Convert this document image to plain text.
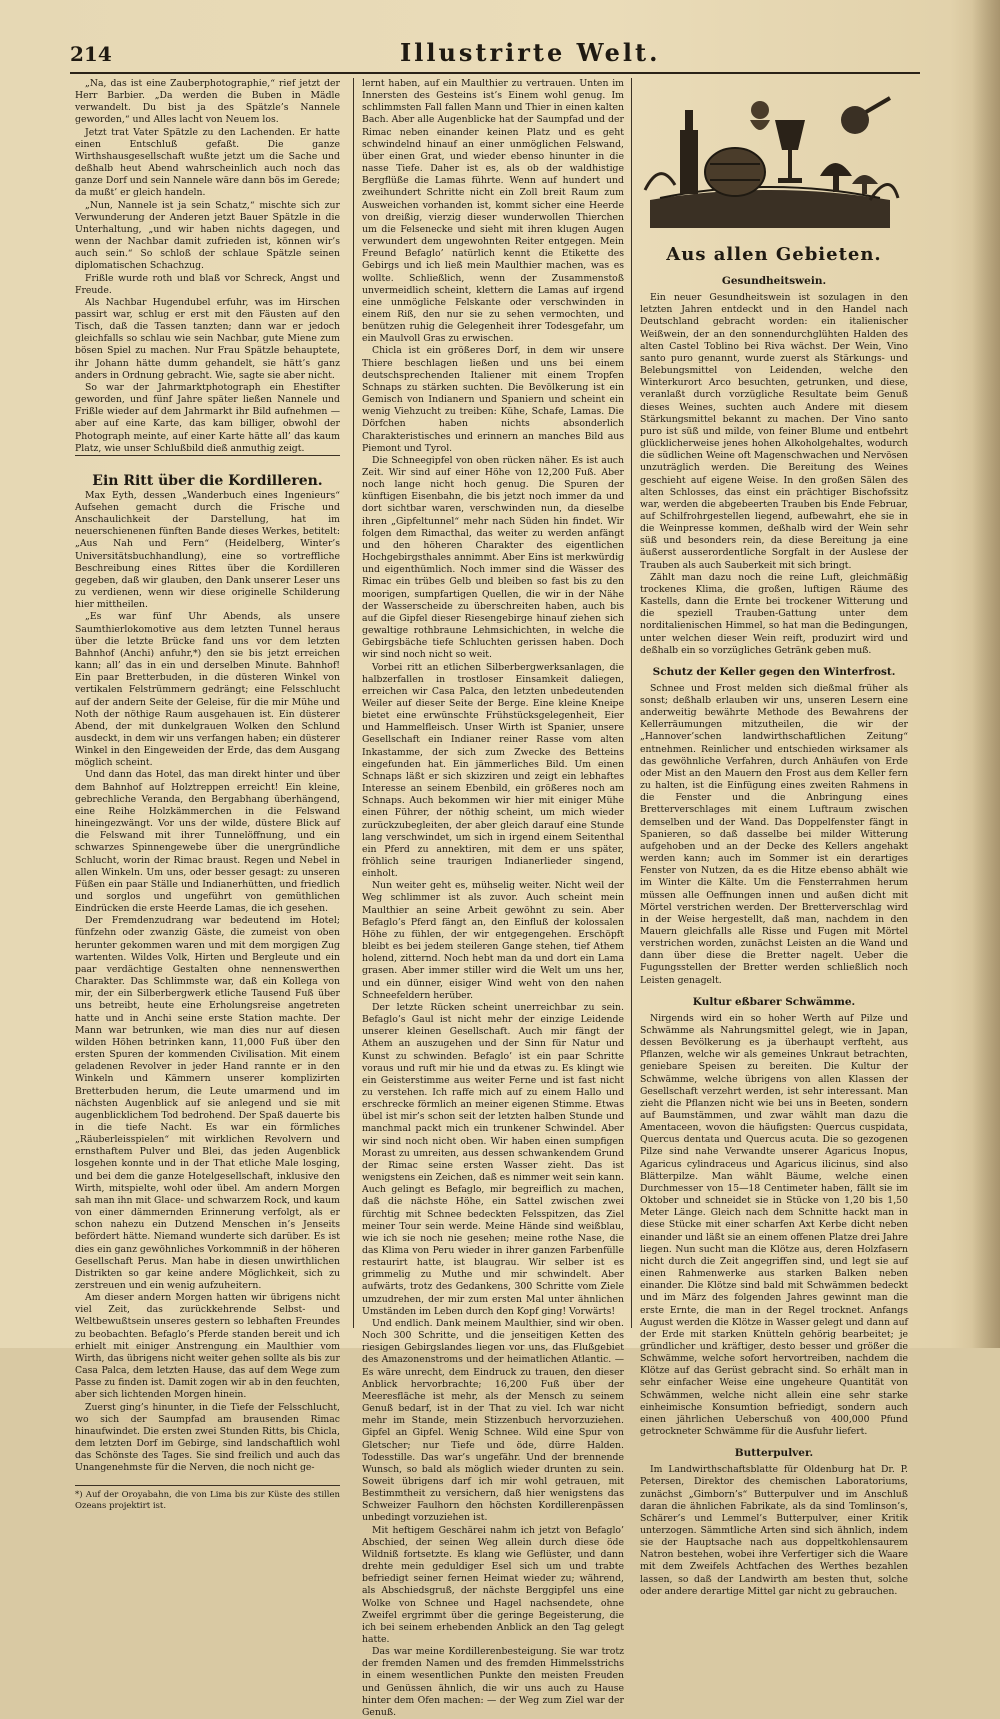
214	Illustrirte Welt.

„Na, das ist eine Zauberphotographie,“ rief jetzt der Herr Barbier. „Da werden die Buben in Mädle verwandelt. Du bist ja des Spätzle’s Nannele geworden,“ und Alles lacht von Neuem los.

Jetzt trat Vater Spätzle zu den Lachenden. Er hatte einen Entschluß gefaßt. Die ganze Wirthshausgesellschaft wußte jetzt um die Sache und deßhalb heut Abend wahrscheinlich auch noch das ganze Dorf und sein Nannele wäre dann bös im Gerede; da mußt’ er gleich handeln.

„Nun, Nannele ist ja sein Schatz,“ mischte sich zur Verwunderung der Anderen jetzt Bauer Spätzle in die Unterhaltung, „und wir haben nichts dagegen, und wenn der Nachbar damit zufrieden ist, können wir’s auch sein.“ So schloß der schlaue Spätzle seinen diplomatischen Schachzug.

Frißle wurde roth und blaß vor Schreck, Angst und Freude.

Als Nachbar Hugendubel erfuhr, was im Hirschen passirt war, schlug er erst mit den Fäusten auf den Tisch, daß die Tassen tanzten; dann war er jedoch gleichfalls so schlau wie sein Nachbar, gute Miene zum bösen Spiel zu machen. Nur Frau Spätzle behauptete, ihr Johann hätte dumm gehandelt, sie hätt’s ganz anders in Ordnung gebracht. Wie, sagte sie aber nicht.

So war der Jahrmarktphotograph ein Ehestifter geworden, und fünf Jahre später ließen Nannele und Frißle wieder auf dem Jahrmarkt ihr Bild aufnehmen — aber auf eine Karte, das kam billiger, obwohl der Photograph meinte, auf einer Karte hätte all’ das kaum Platz, wie unser Schlußbild dieß anmuthig zeigt.

Ein Ritt über die Kordilleren.

Max Eyth, dessen „Wanderbuch eines Ingenieurs“ Aufsehen gemacht durch die Frische und Anschaulichkeit der Darstellung, hat im neuerschienenen fünften Bande dieses Werkes, betitelt: „Aus Nah und Fern“ (Heidelberg, Winter’s Universitätsbuchhandlung), eine so vortreffliche Beschreibung eines Rittes über die Kordilleren gegeben, daß wir glauben, den Dank unserer Leser uns zu verdienen, wenn wir diese originelle Schilderung hier mittheilen.

„Es war fünf Uhr Abends, als unsere Saumthierlokomotive aus dem letzten Tunnel heraus über die letzte Brücke fand uns vor dem letzten Bahnhof (Anchi) anfuhr,*) den sie bis jetzt erreichen kann; all’ das in ein und derselben Minute. Bahnhof! Ein paar Bretterbuden, in die düsteren Winkel von vertikalen Felstrümmern gedrängt; eine Felsschlucht auf der andern Seite der Geleise, für die mir Mühe und Noth der nöthige Raum ausgehauen ist. Ein düsterer Abend, der mit dunkelgrauen Wolken den Schlund ausdeckt, in dem wir uns verfangen haben; ein düsterer Winkel in den Eingeweiden der Erde, das dem Ausgang möglich scheint.

Und dann das Hotel, das man direkt hinter und über dem Bahnhof auf Holztreppen erreicht! Ein kleine, gebrechliche Veranda, den Bergabhang überhängend, eine Reihe Holzkämmerchen in die Felswand hineingezwängt. Vor uns der wilde, düstere Blick auf die Felswand mit ihrer Tunnelöffnung, und ein schwarzes Spinnengewebe über die unergründliche Schlucht, worin der Rimac braust. Regen und Nebel in allen Winkeln. Um uns, oder besser gesagt: zu unseren Füßen ein paar Ställe und Indianerhütten, und friedlich und sorglos und ungeführt von gemüthlichen Eindrücken die erste Heerde Lamas, die ich gesehen.

Der Fremdenzudrang war bedeutend im Hotel; fünfzehn oder zwanzig Gäste, die zumeist von oben herunter gekommen waren und mit dem morgigen Zug wartenten. Wildes Volk, Hirten und Bergleute und ein paar verdächtige Gestalten ohne nennenswerthen Charakter. Das Schlimmste war, daß ein Kollega von mir, der ein Silberbergwerk etliche Tausend Fuß über uns betreibt, heute eine Erholungsreise angetreten hatte und in Anchi seine erste Station machte. Der Mann war betrunken, wie man dies nur auf diesen wilden Höhen betrinken kann, 11,000 Fuß über den ersten Spuren der kommenden Civilisation. Mit einem geladenen Revolver in jeder Hand rannte er in den Winkeln und Kämmern unserer komplizirten Bretterbuden herum, die Leute umarmend und im nächsten Augenblick auf sie anlegend und sie mit augenblicklichem Tod bedrohend. Der Spaß dauerte bis in die tiefe Nacht. Es war ein förmliches „Räuberleisspielen“ mit wirklichen Revolvern und ernsthaftem Pulver und Blei, das jeden Augenblick losgehen konnte und in der That etliche Male losging, und bei dem die ganze Hotelgesellschaft, inklusive den Wirth, mitspielte, wohl oder übel. Am andern Morgen sah man ihn mit Glace- und schwarzem Rock, und kaum von einer dämmernden Erinnerung verfolgt, als er schon nahezu ein Dutzend Menschen in’s Jenseits befördert hätte. Niemand wunderte sich darüber. Es ist dies ein ganz gewöhnliches Vorkommniß in der höheren Gesellschaft Perus. Man habe in diesen unwirthlichen Distrikten so gar keine andere Möglichkeit, sich zu zerstreuen und ein wenig aufzuheitern.

Am dieser andern Morgen hatten wir übrigens nicht viel Zeit, das zurückkehrende Selbst- und Weltbewußtsein unseres gestern so lebhaften Freundes zu beobachten. Befaglo’s Pferde standen bereit und ich erhielt mit einiger Anstrengung ein Maulthier vom Wirth, das übrigens nicht weiter gehen sollte als bis zur Casa Palca, dem letzten Hause, das auf dem Wege zum Passe zu finden ist. Damit zogen wir ab in den feuchten, aber sich lichtenden Morgen hinein.

Zuerst ging’s hinunter, in die Tiefe der Felsschlucht, wo sich der Saumpfad am brausenden Rimac hinaufwindet. Die ersten zwei Stunden Ritts, bis Chicla, dem letzten Dorf im Gebirge, sind landschaftlich wohl das Schönste des Tages. Sie sind freilich und auch das Unangenehmste für die Nerven, die noch nicht ge-

*) Auf der Oroyabahn, die von Lima bis zur Küste des stillen Ozeans projektirt ist.

lernt haben, auf ein Maulthier zu vertrauen. Unten im Innersten des Gesteins ist’s Einem wohl genug. Im schlimmsten Fall fallen Mann und Thier in einen kalten Bach. Aber alle Augenblicke hat der Saumpfad und der Rimac neben einander keinen Platz und es geht schwindelnd hinauf an einer unmöglichen Felswand, über einen Grat, und wieder ebenso hinunter in die nasse Tiefe. Daher ist es, als ob der waldhistige Bergflüße die Lamas führte. Wenn auf hundert und zweihundert Schritte nicht ein Zoll breit Raum zum Ausweichen vorhanden ist, kommt sicher eine Heerde von dreißig, vierzig dieser wunderwollen Thierchen um die Felsenecke und sieht mit ihren klugen Augen verwundert dem ungewohnten Reiter entgegen. Mein Freund Befaglo’ natürlich kennt die Etikette des Gebirgs und ich ließ mein Maulthier machen, was es wollte. Schließlich, wenn der Zusammenstoß unvermeidlich scheint, klettern die Lamas auf irgend eine unmögliche Felskante oder verschwinden in einem Riß, den nur sie zu sehen vermochten, und benützen ruhig die Gelegenheit ihrer Todesgefahr, um ein Maulvoll Gras zu erwischen.

Chicla ist ein größeres Dorf, in dem wir unsere Thiere beschlagen ließen und uns bei einem deutschsprechenden Italiener mit einem Tropfen Schnaps zu stärken suchten. Die Bevölkerung ist ein Gemisch von Indianern und Spaniern und scheint ein wenig Viehzucht zu treiben: Kühe, Schafe, Lamas. Die Dörfchen haben nichts absonderlich Charakteristisches und erinnern an manches Bild aus Piemont und Tyrol.

Die Schneegipfel von oben rücken näher. Es ist auch Zeit. Wir sind auf einer Höhe von 12,200 Fuß. Aber noch lange nicht hoch genug. Die Spuren der künftigen Eisenbahn, die bis jetzt noch immer da und dort sichtbar waren, verschwinden nun, da dieselbe ihren „Gipfeltunnel“ mehr nach Süden hin findet. Wir folgen dem Rimacthal, das weiter zu werden anfängt und den höheren Charakter des eigentlichen Hochgebirgsthales annimmt. Aber Eins ist merkwürdig und eigenthümlich. Noch immer sind die Wässer des Rimac ein trübes Gelb und bleiben so fast bis zu den moorigen, sumpfartigen Quellen, die wir in der Nähe der Wasserscheide zu überschreiten haben, auch bis auf die Gipfel dieser Riesengebirge hinauf ziehen sich gewaltige rothbraune Lehmsichichten, in welche die Gebirgsbäche tiefe Schluchten gerissen haben. Doch wir sind noch nicht so weit.

Vorbei ritt an etlichen Silberbergwerksanlagen, die halbzerfallen in trostloser Einsamkeit daliegen, erreichen wir Casa Palca, den letzten unbedeutenden Weiler auf dieser Seite der Berge. Eine kleine Kneipe bietet eine erwünschte Frühstücksgelegenheit, Eier und Hammelfleisch. Unser Wirth ist Spanier, unsere Gesellschaft ein Indianer reiner Rasse vom alten Inkastamme, der sich zum Zwecke des Betteins eingefunden hat. Ein jämmerliches Bild. Um einen Schnaps läßt er sich skizziren und zeigt ein lebhaftes Interesse an seinem Ebenbild, ein größeres noch am Schnaps. Auch bekommen wir hier mit einiger Mühe einen Führer, der nöthig scheint, um mich wieder zurückzubegleiten, der aber gleich darauf eine Stunde lang verschwindet, um sich in irgend einem Seitenthal ein Pferd zu annektiren, mit dem er uns später, fröhlich seine traurigen Indianerlieder singend, einholt.

Nun weiter geht es, mühselig weiter. Nicht weil der Weg schlimmer ist als zuvor. Auch scheint mein Maulthier an seine Arbeit gewöhnt zu sein. Aber Befaglo’s Pferd fängt an, den Einfluß der kolossalen Höhe zu fühlen, der wir entgegengehen. Erschöpft bleibt es bei jedem steileren Gange stehen, tief Athem holend, zitternd. Noch hebt man da und dort ein Lama grasen. Aber immer stiller wird die Welt um uns her, und ein dünner, eisiger Wind weht von den nahen Schneefeldern herüber.

Der letzte Rücken scheint unerreichbar zu sein. Befaglo’s Gaul ist nicht mehr der einzige Leidende unserer kleinen Gesellschaft. Auch mir fängt der Athem an auszugehen und der Sinn für Natur und Kunst zu schwinden. Befaglo’ ist ein paar Schritte voraus und ruft mir hie und da etwas zu. Es klingt wie ein Geisterstimme aus weiter Ferne und ist fast nicht zu verstehen. Ich raffe mich auf zu einem Hallo und erschrecke förmlich an meiner eigenen Stimme. Etwas übel ist mir’s schon seit der letzten halben Stunde und manchmal packt mich ein trunkener Schwindel. Aber wir sind noch nicht oben. Wir haben einen sumpfigen Morast zu umreiten, aus dessen schwankendem Grund der Rimac seine ersten Wasser zieht. Das ist wenigstens ein Zeichen, daß es nimmer weit sein kann. Auch gelingt es Befaglo, mir begreiflich zu machen, daß die nächste Höhe, ein Sattel zwischen zwei fürchtig mit Schnee bedeckten Felsspitzen, das Ziel meiner Tour sein werde. Meine Hände sind weißblau, wie ich sie noch nie gesehen; meine rothe Nase, die das Klima von Peru wieder in ihrer ganzen Farbenfülle restaurirt hatte, ist blaugrau. Wir selber ist es grimmelig zu Muthe und mir schwindelt. Aber aufwärts, trotz des Gedankens, 300 Schritte vom Ziele umzudrehen, der mir zum ersten Mal unter ähnlichen Umständen im Leben durch den Kopf ging! Vorwärts!

Und endlich. Dank meinem Maulthier, sind wir oben. Noch 300 Schritte, und die jenseitigen Ketten des riesigen Gebirgslandes liegen vor uns, das Flußgebiet des Amazonenstroms und der heimatlichen Atlantic. — Es wäre unrecht, dem Eindruck zu trauen, den dieser Anblick hervorbrachte; 16,200 Fuß über der Meeresfläche ist mehr, als der Mensch zu seinem Genuß bedarf, ist in der That zu viel. Ich war nicht mehr im Stande, mein Stizzenbuch hervorzuziehen. Gipfel an Gipfel. Wenig Schnee. Wild eine Spur von Gletscher; nur Tiefe und öde, dürre Halden. Todesstille. Das war’s ungefähr. Und der brennende Wunsch, so bald als möglich wieder drunten zu sein. Soweit übrigens darf ich mir wohl getrauen, mit Bestimmtheit zu versichern, daß hier wenigstens das Schweizer Faulhorn den höchsten Kordillerenpässen unbedingt vorzuziehen ist.

Mit heftigem Geschärei nahm ich jetzt von Befaglo’ Abschied, der seinen Weg allein durch diese öde Wildniß fortsetzte. Es klang wie Geflüster, und dann drehte mein geduldiger Esel sich um und trabte befriedigt seiner fernen Heimat wieder zu; während, als Abschiedsgruß, der nächste Berggipfel uns eine Wolke von Schnee und Hagel nachsendete, ohne Zweifel ergrimmt über die geringe Begeisterung, die ich bei seinem erhebenden Anblick an den Tag gelegt hatte.

Das war meine Kordillerenbesteigung. Sie war trotz der fremden Namen und des fremden Himmelsstrichs in einem wesentlichen Punkte den meisten Freuden und Genüssen ähnlich, die wir uns auch zu Hause hinter dem Ofen machen: — der Weg zum Ziel war der Genuß.

Aus allen Gebieten.
Gesundheitswein.

Ein neuer Gesundheitswein ist sozulagen in den letzten Jahren entdeckt und in den Handel nach Deutschland gebracht worden: ein italienischer Weißwein, der an den sonnendurchglühten Halden des alten Castel Toblino bei Riva wächst. Der Wein, Vino santo puro genannt, wurde zuerst als Stärkungs- und Belebungsmittel von Leidenden, welche den Winterkurort Arco besuchten, getrunken, und diese, veranlaßt durch vorzügliche Resultate beim Genuß dieses Weines, suchten auch Andere mit diesem Stärkungsmittel bekannt zu machen. Der Vino santo puro ist süß und milde, von feiner Blume und entbehrt glücklicherweise jenes hohen Alkoholgehaltes, wodurch die südlichen Weine oft Magenschwachen und Nervösen unzuträglich werden. Die Bereitung des Weines geschieht auf eigene Weise. In den großen Sälen des alten Schlosses, das einst ein prächtiger Bischofssitz war, werden die abgebeerten Trauben bis Ende Februar, auf Schilfrohrgestellen liegend, aufbewahrt, ehe sie in die Weinpresse kommen, deßhalb wird der Wein sehr süß und besonders rein, da diese Bereitung ja eine äußerst ausserordentliche Sorgfalt in der Auslese der Trauben als auch Sauberkeit mit sich bringt.

Zählt man dazu noch die reine Luft, gleichmäßig trockenes Klima, die großen, luftigen Räume des Kastells, dann die Ernte bei trockener Witterung und die speziell Trauben-Gattung unter dem norditalienischen Himmel, so hat man die Bedingungen, unter welchen dieser Wein reift, produzirt wird und deßhalb ein so vorzügliches Getränk geben muß.

Schutz der Keller gegen den Winterfrost.

Schnee und Frost melden sich dießmal früher als sonst; deßhalb erlauben wir uns, unseren Lesern eine anderweitig bewährte Methode des Bewahrens der Kellerräumungen mitzutheilen, die wir der „Hannover’schen landwirthschaftlichen Zeitung“ entnehmen. Reinlicher und entschieden wirksamer als das gewöhnliche Verfahren, durch Anhäufen von Erde oder Mist an den Mauern den Frost aus dem Keller fern zu halten, ist die Einfügung eines zweiten Rahmens in die Fenster und die Anbringung eines Bretterverschlages mit einem Luftraum zwischen demselben und der Wand. Das Doppelfenster fängt in Spanieren, so daß dasselbe bei milder Witterung aufgehoben und an der Decke des Kellers angehakt werden kann; auch im Sommer ist ein derartiges Fenster von Nutzen, da es die Hitze ebenso abhält wie im Winter die Kälte. Um die Fensterrahmen herum müssen alle Oeffnungen innen und außen dicht mit Mörtel verstrichen werden. Der Bretterverschlag wird in der Weise hergestellt, daß man, nachdem in den Mauern gleichfalls alle Risse und Fugen mit Mörtel verstrichen worden, zunächst Leisten an die Wand und dann über diese die Bretter nagelt. Ueber die Fugungsstellen der Bretter werden schließlich noch Leisten genagelt.

Kultur eßbarer Schwämme.

Nirgends wird ein so hoher Werth auf Pilze und Schwämme als Nahrungsmittel gelegt, wie in Japan, dessen Bevölkerung es ja überhaupt verfteht, aus Pflanzen, welche wir als gemeines Unkraut betrachten, geniebare Speisen zu bereiten. Die Kultur der Schwämme, welche übrigens von allen Klassen der Gesellschaft verzehrt werden, ist sehr interessant. Man zieht die Pflanzen nicht wie bei uns in Beeten, sondern auf Baumstämmen, und zwar wählt man dazu die Amentaceen, wovon die häufigsten: Quercus cuspidata, Quercus dentata und Quercus acuta. Die so gezogenen Pilze sind nahe Verwandte unserer Agaricus Inopus, Agaricus cylindraceus und Agaricus ilicinus, sind also Blätterpilze. Man wählt Bäume, welche einen Durchmesser von 15—18 Centimeter haben, fällt sie im Oktober und schneidet sie in Stücke von 1,20 bis 1,50 Meter Länge. Gleich nach dem Schnitte hackt man in diese Stücke mit einer scharfen Axt Kerbe dicht neben einander und läßt sie an einem offenen Platze drei Jahre liegen. Nun sucht man die Klötze aus, deren Holzfasern nicht durch die Zeit angegriffen sind, und legt sie auf einen Rahmenwerke aus starken Balken neben einander. Die Klötze sind bald mit Schwämmen bedeckt und im März des folgenden Jahres gewinnt man die erste Ernte, die man in der Regel trocknet. Anfangs August werden die Klötze in Wasser gelegt und dann auf der Erde mit starken Knütteln gehörig bearbeitet; je gründlicher und kräftiger, desto besser und größer die Schwämme, welche sofort hervortreiben, nachdem die Klötze auf das Gerüst gebracht sind. So erhält man in sehr einfacher Weise eine ungeheure Quantität von Schwämmen, welche nicht allein eine sehr starke einheimische Konsumtion befriedigt, sondern auch einen jährlichen Ueberschuß von 400,000 Pfund getrockneter Schwämme für die Ausfuhr liefert.

Butterpulver.

Im Landwirthschaftsblatte für Oldenburg hat Dr. P. Petersen, Direktor des chemischen Laboratoriums, zunächst „Gimborn’s“ Butterpulver und im Anschluß daran die ähnlichen Fabrikate, als da sind Tomlinson’s, Schärer’s und Lemmel’s Butterpulver, einer Kritik unterzogen. Sämmtliche Arten sind sich ähnlich, indem sie der Hauptsache nach aus doppeltkohlensaurem Natron bestehen, wobei ihre Verfertiger sich die Waare mit dem Zweifels Achtfachen des Werthes bezahlen lassen, so daß der Landwirth am besten thut, solche oder andere derartige Mittel gar nicht zu gebrauchen.
